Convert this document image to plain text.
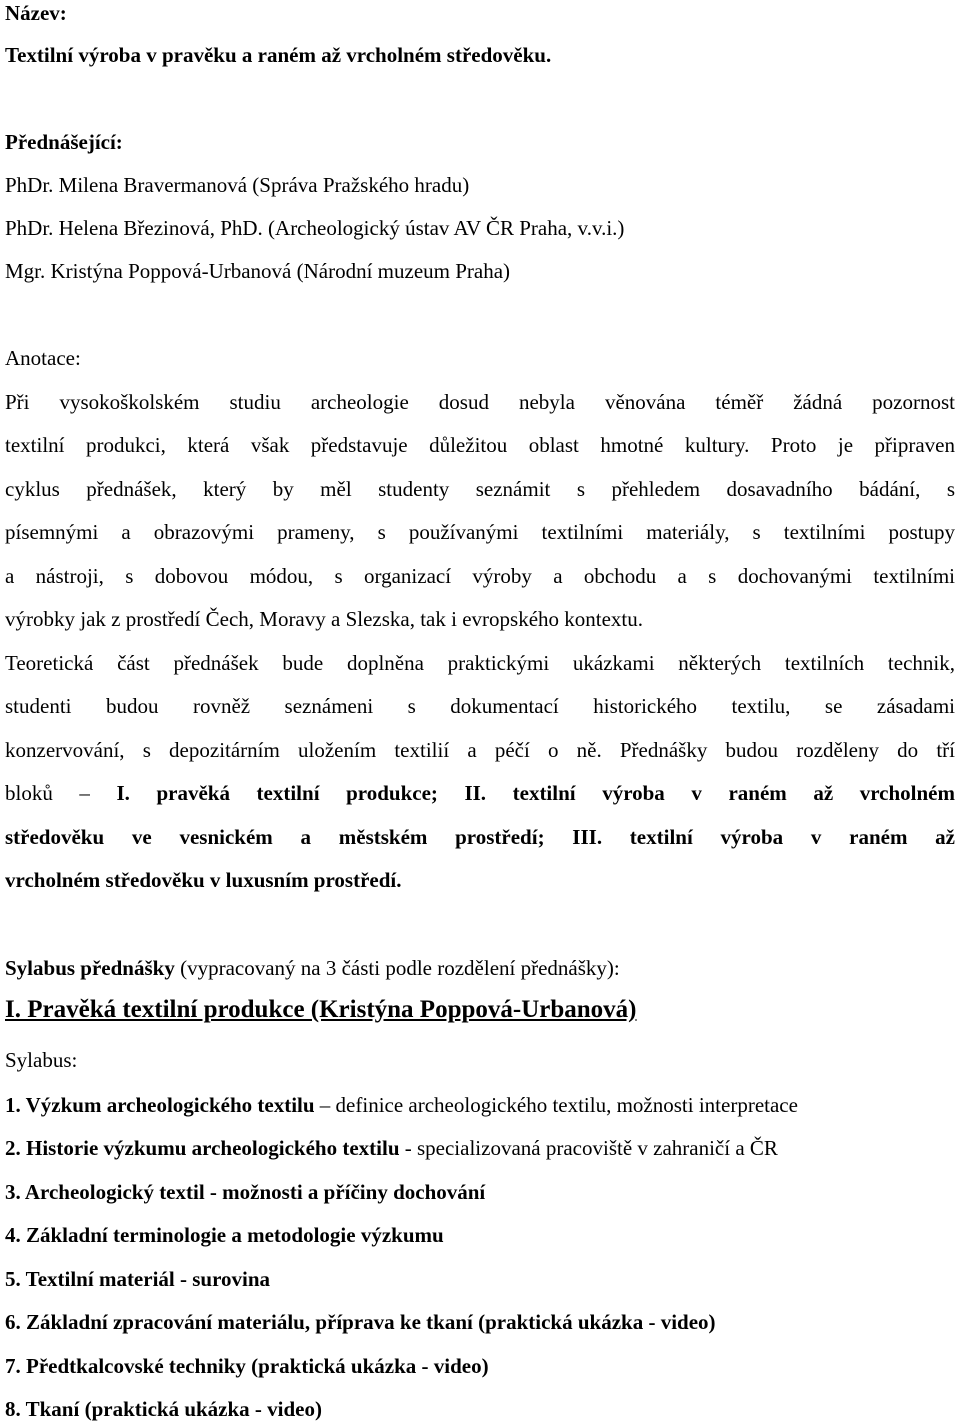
Název:
Textilní výroba v pravěku a raném až vrcholném středověku.
Přednášející:
PhDr. Milena Bravermanová (Správa Pražského hradu)
PhDr. Helena Březinová, PhD. (Archeologický ústav AV ČR Praha, v.v.i.)
Mgr. Kristýna Poppová-Urbanová (Národní muzeum Praha)
Anotace:
Při vysokoškolském studiu archeologie dosud nebyla věnována téměř žádná pozornost
textilní produkci, která však představuje důležitou oblast hmotné kultury. Proto je připraven
cyklus přednášek, který by měl studenty seznámit s přehledem dosavadního bádání, s
písemnými a obrazovými prameny, s používanými textilními materiály, s textilními postupy
a nástroji, s dobovou módou, s organizací výroby a obchodu a s dochovanými textilními
výrobky jak z prostředí Čech, Moravy a Slezska, tak i evropského kontextu.
Teoretická část přednášek bude doplněna praktickými ukázkami některých textilních technik,
studenti budou rovněž seznámeni s dokumentací historického textilu, se zásadami
konzervování, s depozitárním uložením textilií a péčí o ně. Přednášky budou rozděleny do tří
bloků – I. pravěká textilní produkce; II. textilní výroba v raném až vrcholném
středověku ve vesnickém a městském prostředí; III. textilní výroba v raném až
vrcholném středověku v luxusním prostředí.
Sylabus přednášky (vypracovaný na 3 části podle rozdělení přednášky):
I. Pravěká textilní produkce (Kristýna Poppová-Urbanová)
Sylabus:
1. Výzkum archeologického textilu – definice archeologického textilu, možnosti interpretace
2. Historie výzkumu archeologického textilu - specializovaná pracoviště v zahraničí a ČR
3. Archeologický textil - možnosti a příčiny dochování
4. Základní terminologie a metodologie výzkumu
5. Textilní materiál - surovina
6. Základní zpracování materiálu, příprava ke tkaní (praktická ukázka - video)
7. Předtkalcovské techniky (praktická ukázka - video)
8. Tkaní (praktická ukázka - video)
